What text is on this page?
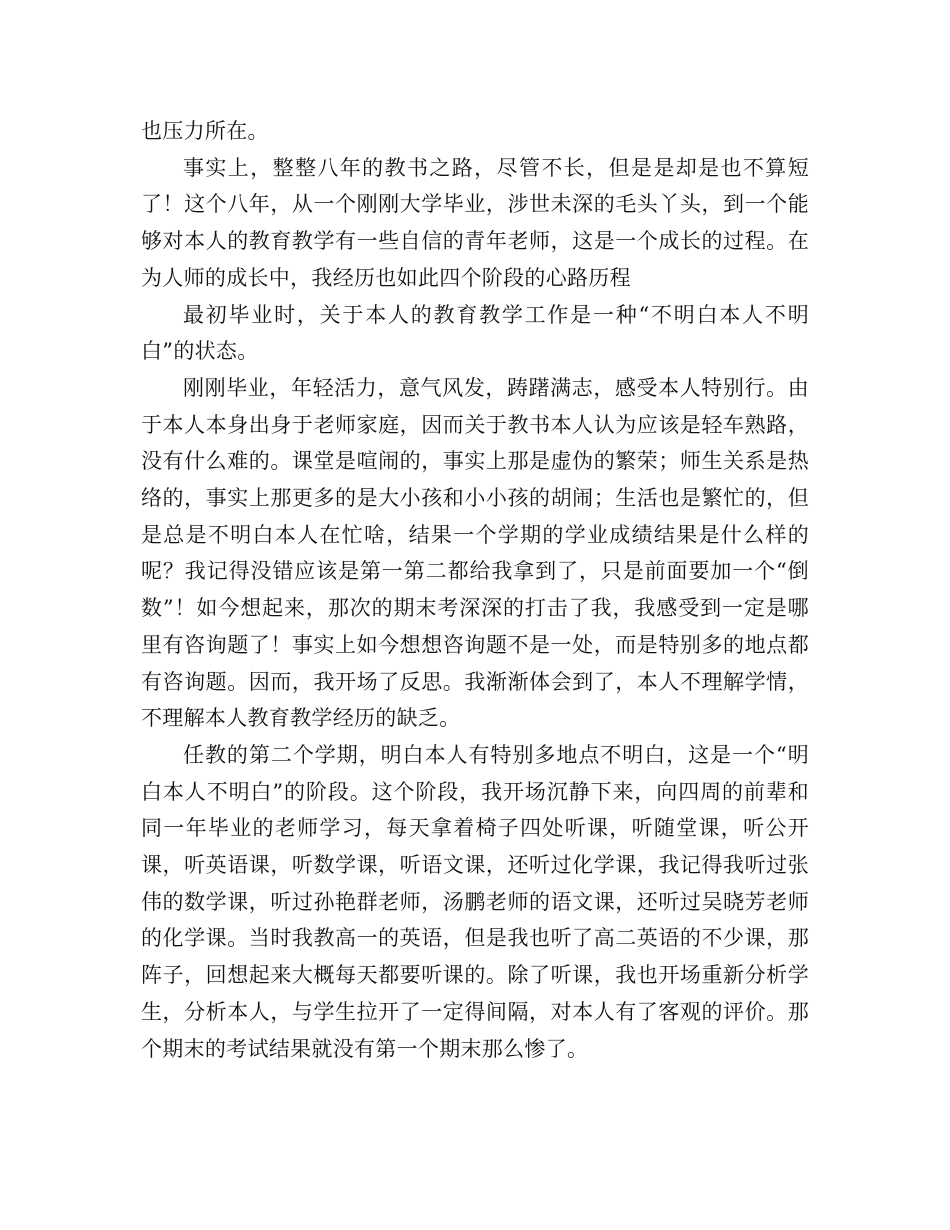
也压力所在。

事实上，整整八年的教书之路，尽管不长，但是是却是也不算短了！这个八年，从一个刚刚大学毕业，涉世未深的毛头丫头，到一个能够对本人的教育教学有一些自信的青年老师，这是一个成长的过程。在为人师的成长中，我经历也如此四个阶段的心路历程

最初毕业时，关于本人的教育教学工作是一种“不明白本人不明白”的状态。

刚刚毕业，年轻活力，意气风发，踌躇满志，感受本人特别行。由于本人本身出身于老师家庭，因而关于教书本人认为应该是轻车熟路，没有什么难的。课堂是喧闹的，事实上那是虚伪的繁荣；师生关系是热络的，事实上那更多的是大小孩和小小孩的胡闹；生活也是繁忙的，但是总是不明白本人在忙啥，结果一个学期的学业成绩结果是什么样的呢？我记得没错应该是第一第二都给我拿到了，只是前面要加一个“倒数”！如今想起来，那次的期末考深深的打击了我，我感受到一定是哪里有咨询题了！事实上如今想想咨询题不是一处，而是特别多的地点都有咨询题。因而，我开场了反思。我渐渐体会到了，本人不理解学情，不理解本人教育教学经历的缺乏。

任教的第二个学期，明白本人有特别多地点不明白，这是一个“明白本人不明白”的阶段。这个阶段，我开场沉静下来，向四周的前辈和同一年毕业的老师学习，每天拿着椅子四处听课，听随堂课，听公开课，听英语课，听数学课，听语文课，还听过化学课，我记得我听过张伟的数学课，听过孙艳群老师，汤鹏老师的语文课，还听过吴晓芳老师的化学课。当时我教高一的英语，但是我也听了高二英语的不少课，那阵子，回想起来大概每天都要听课的。除了听课，我也开场重新分析学生，分析本人，与学生拉开了一定得间隔，对本人有了客观的评价。那个期末的考试结果就没有第一个期末那么惨了。
